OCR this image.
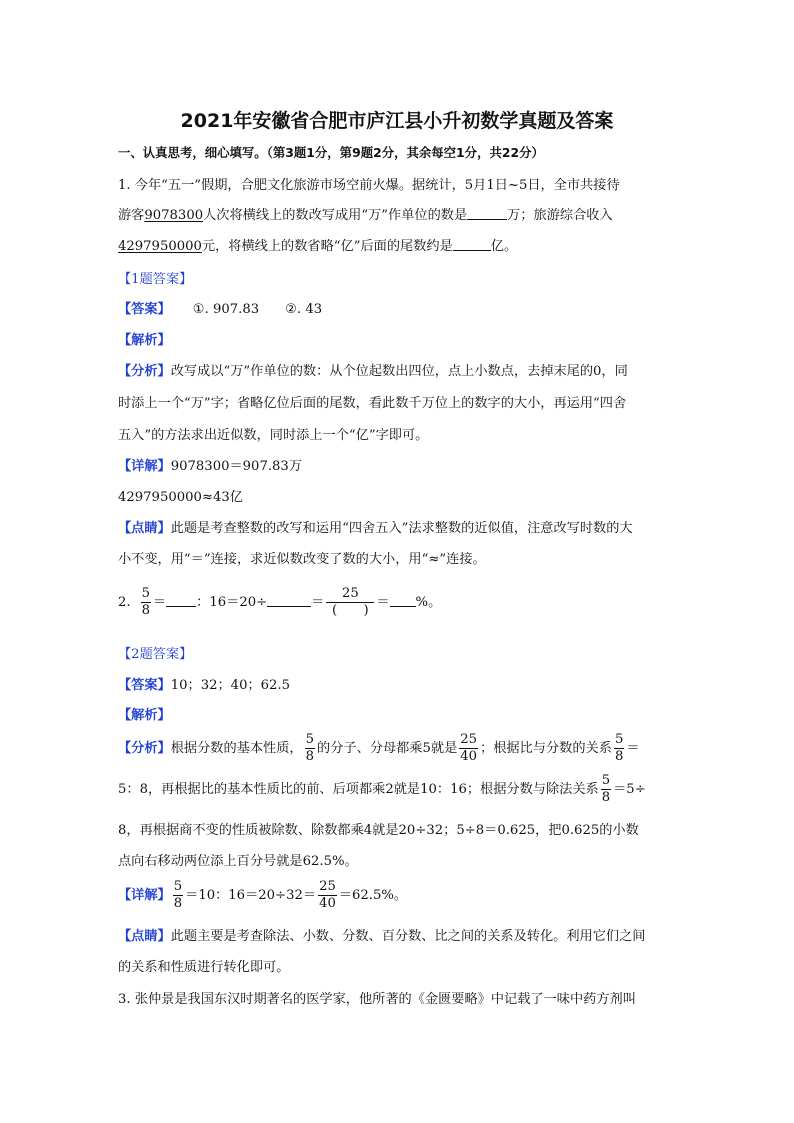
2021年安徽省合肥市庐江县小升初数学真题及答案
一、认真思考，细心填写。（第3题1分，第9题2分，其余每空1分，共22分）
1. 今年“五一”假期，合肥文化旅游市场空前火爆。据统计，5月1日~5日，全市共接待
游客9078300人次将横线上的数改写成用“万”作单位的数是	万；旅游综合收入
4297950000元，将横线上的数省略“亿”后面的尾数约是	亿。
【1题答案】
【答案】 ①. 907.83 ②. 43
【解析】
【分析】改写成以“万”作单位的数：从个位起数出四位，点上小数点，去掉末尾的0，同
时添上一个“万”字；省略亿位后面的尾数，看此数千万位上的数字的大小，再运用“四舍
五入”的方法求出近似数，同时添上一个“亿”字即可。
【详解】9078300＝907.83万
4297950000≈43亿
【点睛】此题是考查整数的改写和运用“四舍五入”法求整数的近似值，注意改写时数的大
小不变，用“＝”连接，求近似数改变了数的大小，用“≈”连接。
2. $\frac{5}{8}$ ＝ ：16＝20÷	＝ $\frac{25}{( )}$ ＝ %。
【2题答案】
【答案】10；32；40；62.5
【解析】
【分析】根据分数的基本性质， $\frac{5}{8}$ 的分子、分母都乘5就是 $\frac{25}{40}$ ；根据比与分数的关系 $\frac{5}{8}$ ＝
5：8，再根据比的基本性质比的前、后项都乘2就是10：16；根据分数与除法关系 $\frac{5}{8} =5\div$
8，再根据商不变的性质被除数、除数都乘4就是20÷32；5÷8＝0.625，把0.625的小数
点向右移动两位添上百分号就是62.5%。
【详解】 $\frac{5}{8} =10$：$16=20\div 32= \frac{25}{40} =62.5\%$。
【点睛】此题主要是考查除法、小数、分数、百分数、比之间的关系及转化。利用它们之间
的关系和性质进行转化即可。
3. 张仲景是我国东汉时期著名的医学家，他所著的《金匮要略》中记载了一味中药方剂叫
